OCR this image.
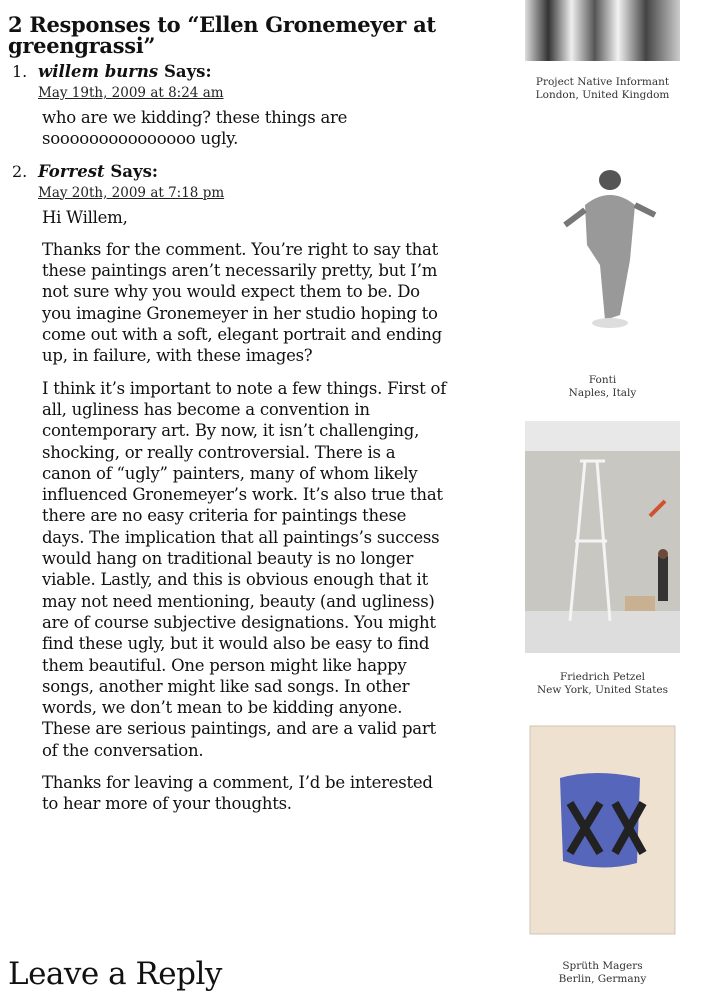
2 Responses to “Ellen Gronemeyer at greengrassi”
1. willem burns Says:
May 19th, 2009 at 8:24 am

who are we kidding? these things are sooooooooooooooo ugly.

2. Forrest Says:
May 20th, 2009 at 7:18 pm

Hi Willem,

Thanks for the comment. You’re right to say that these paintings aren’t necessarily pretty, but I’m not sure why you would expect them to be. Do you imagine Gronemeyer in her studio hoping to come out with a soft, elegant portrait and ending up, in failure, with these images?

I think it’s important to note a few things. First of all, ugliness has become a convention in contemporary art. By now, it isn’t challenging, shocking, or really controversial. There is a canon of “ugly” painters, many of whom likely influenced Gronemeyer’s work. It’s also true that there are no easy criteria for paintings these days. The implication that all paintings’s success would hang on traditional beauty is no longer viable. Lastly, and this is obvious enough that it may not need mentioning, beauty (and ugliness) are of course subjective designations. You might find these ugly, but it would also be easy to find them beautiful. One person might like happy songs, another might like sad songs. In other words, we don’t mean to be kidding anyone. These are serious paintings, and are a valid part of the conversation.

Thanks for leaving a comment, I’d be interested to hear more of your thoughts.

Leave a Reply
Project Native Informant
London, United Kingdom
Fonti
Naples, Italy
Friedrich Petzel
New York, United States
Sprüth Magers
Berlin, Germany
